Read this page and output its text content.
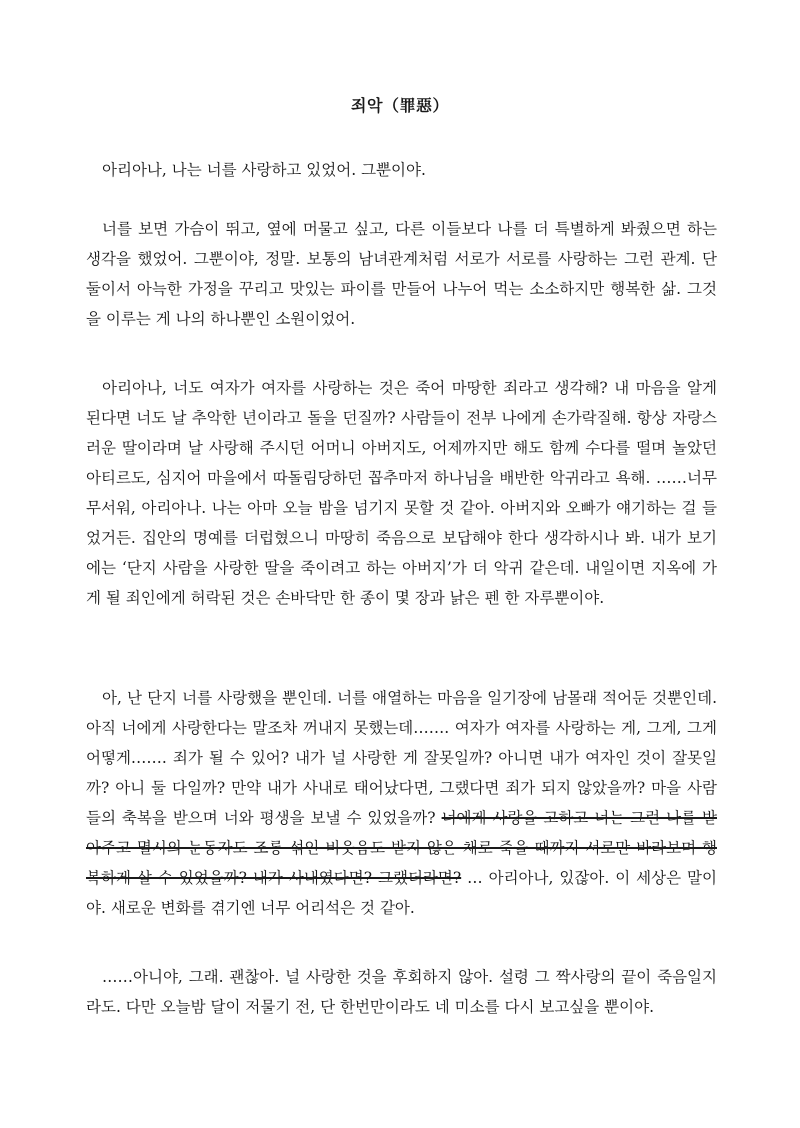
죄악（罪惡）

아리아나, 나는 너를 사랑하고 있었어. 그뿐이야.

너를 보면 가슴이 뛰고, 옆에 머물고 싶고, 다른 이들보다 나를 더 특별하게 봐줬으면 하는 생각을 했었어. 그뿐이야, 정말. 보통의 남녀관계처럼 서로가 서로를 사랑하는 그런 관계. 단 둘이서 아늑한 가정을 꾸리고 맛있는 파이를 만들어 나누어 먹는 소소하지만 행복한 삶. 그것을 이루는 게 나의 하나뿐인 소원이었어.

아리아나, 너도 여자가 여자를 사랑하는 것은 죽어 마땅한 죄라고 생각해? 내 마음을 알게 된다면 너도 날 추악한 년이라고 돌을 던질까? 사람들이 전부 나에게 손가락질해. 항상 자랑스러운 딸이라며 날 사랑해 주시던 어머니 아버지도, 어제까지만 해도 함께 수다를 떨며 놀았던 아티르도, 심지어 마을에서 따돌림당하던 꼽추마저 하나님을 배반한 악귀라고 욕해. ……너무 무서워, 아리아나. 나는 아마 오늘 밤을 넘기지 못할 것 같아. 아버지와 오빠가 얘기하는 걸 들었거든. 집안의 명예를 더럽혔으니 마땅히 죽음으로 보답해야 한다 생각하시나 봐. 내가 보기에는 ‘단지 사람을 사랑한 딸을 죽이려고 하는 아버지’가 더 악귀 같은데. 내일이면 지옥에 가게 될 죄인에게 허락된 것은 손바닥만 한 종이 몇 장과 낡은 펜 한 자루뿐이야.

아, 난 단지 너를 사랑했을 뿐인데. 너를 애열하는 마음을 일기장에 남몰래 적어둔 것뿐인데. 아직 너에게 사랑한다는 말조차 꺼내지 못했는데……. 여자가 여자를 사랑하는 게, 그게, 그게 어떻게……. 죄가 될 수 있어? 내가 널 사랑한 게 잘못일까? 아니면 내가 여자인 것이 잘못일까? 아니 둘 다일까? 만약 내가 사내로 태어났다면, 그랬다면 죄가 되지 않았을까? 마을 사람들의 축복을 받으며 너와 평생을 보낼 수 있었을까? 너에게 사랑을 고하고 너는 그런 나를 받아주고 멸시의 눈동자도 조롱 섞인 비웃음도 받지 않은 채로 죽을 때까지 서로만 바라보며 행복하게 살 수 있었을까? 내가 사내였다면? 그랬더라면? … 아리아나, 있잖아. 이 세상은 말이야. 새로운 변화를 겪기엔 너무 어리석은 것 같아.

……아니야, 그래. 괜찮아. 널 사랑한 것을 후회하지 않아. 설령 그 짝사랑의 끝이 죽음일지라도. 다만 오늘밤 달이 저물기 전, 단 한번만이라도 네 미소를 다시 보고싶을 뿐이야.
